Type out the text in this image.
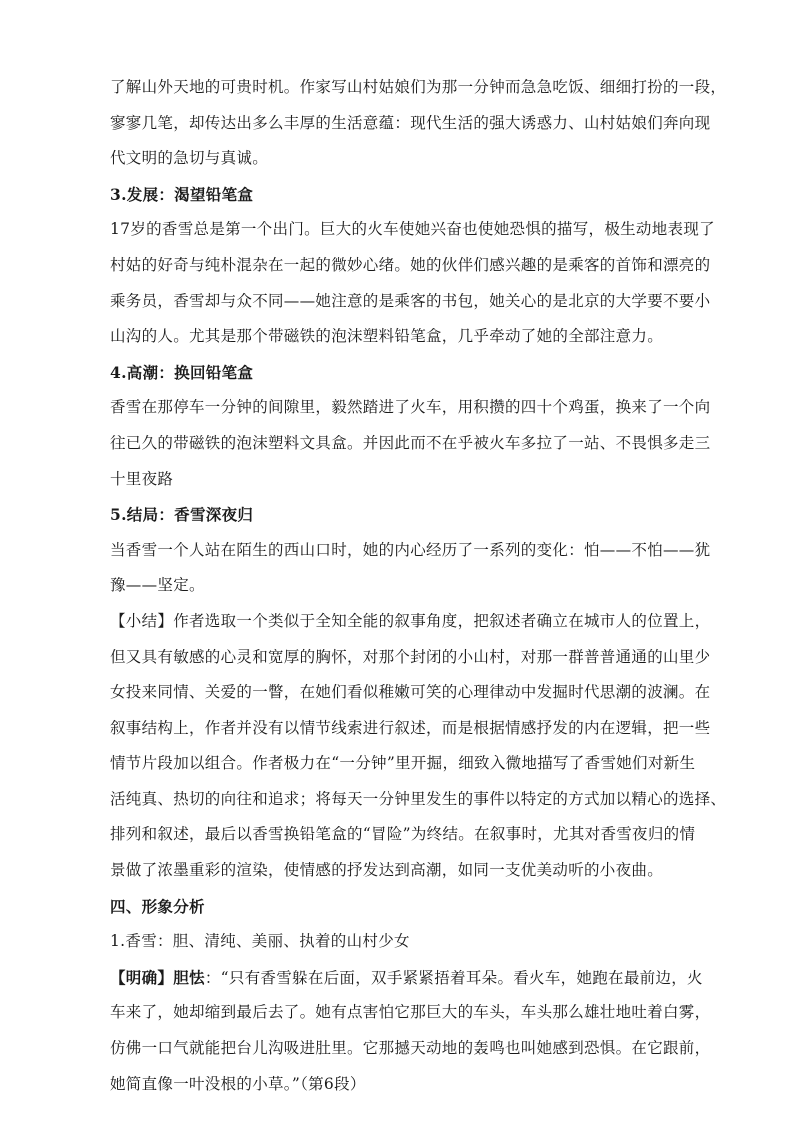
了解山外天地的可贵时机。作家写山村姑娘们为那一分钟而急急吃饭、细细打扮的一段，
寥寥几笔，却传达出多么丰厚的生活意蕴：现代生活的强大诱惑力、山村姑娘们奔向现
代文明的急切与真诚。
3.发展：渴望铅笔盒
17岁的香雪总是第一个出门。巨大的火车使她兴奋也使她恐惧的描写，极生动地表现了
村姑的好奇与纯朴混杂在一起的微妙心绪。她的伙伴们感兴趣的是乘客的首饰和漂亮的
乘务员，香雪却与众不同——她注意的是乘客的书包，她关心的是北京的大学要不要小
山沟的人。尤其是那个带磁铁的泡沫塑料铅笔盒，几乎牵动了她的全部注意力。
4.高潮：换回铅笔盒
香雪在那停车一分钟的间隙里，毅然踏进了火车，用积攒的四十个鸡蛋，换来了一个向
往已久的带磁铁的泡沫塑料文具盒。并因此而不在乎被火车多拉了一站、不畏惧多走三
十里夜路
5.结局：香雪深夜归
当香雪一个人站在陌生的西山口时，她的内心经历了一系列的变化：怕——不怕——犹
豫——坚定。
【小结】作者选取一个类似于全知全能的叙事角度，把叙述者确立在城市人的位置上，
但又具有敏感的心灵和宽厚的胸怀，对那个封闭的小山村，对那一群普普通通的山里少
女投来同情、关爱的一瞥，在她们看似稚嫩可笑的心理律动中发掘时代思潮的波澜。在
叙事结构上，作者并没有以情节线索进行叙述，而是根据情感抒发的内在逻辑，把一些
情节片段加以组合。作者极力在“一分钟”里开掘，细致入微地描写了香雪她们对新生
活纯真、热切的向往和追求；将每天一分钟里发生的事件以特定的方式加以精心的选择、
排列和叙述，最后以香雪换铅笔盒的“冒险”为终结。在叙事时，尤其对香雪夜归的情
景做了浓墨重彩的渲染，使情感的抒发达到高潮，如同一支优美动听的小夜曲。
四、形象分析
1.香雪：胆、清纯、美丽、执着的山村少女
【明确】胆怯：“只有香雪躲在后面，双手紧紧捂着耳朵。看火车，她跑在最前边，火
车来了，她却缩到最后去了。她有点害怕它那巨大的车头，车头那么雄壮地吐着白雾，
仿佛一口气就能把台儿沟吸进肚里。它那撼天动地的轰鸣也叫她感到恐惧。在它跟前，
她简直像一叶没根的小草。”（第6段）
